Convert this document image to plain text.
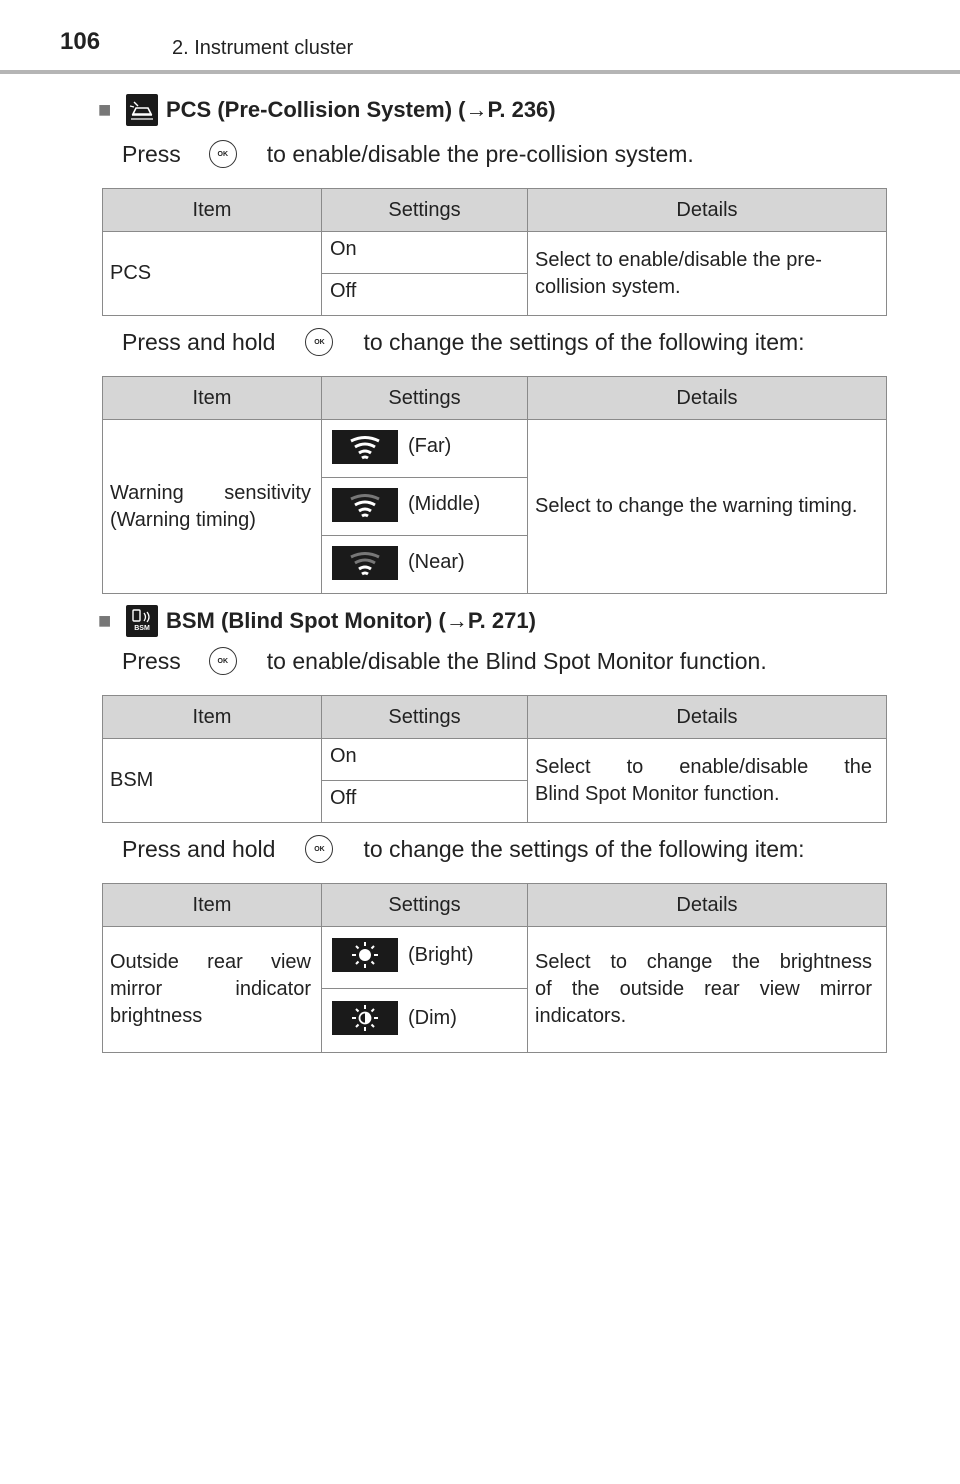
106	2. Instrument cluster
■	PCS (Pre-Collision System) ( → P. 236)
Press	OK	to enable/disable the pre-collision system.
Item	Settings	Details
PCS	On	Select to enable/disable the pre-collision system.
	Off	
Press and hold	OK	to change the settings of the following item:
Item	Settings	Details

Warning sensitivity
(Warning timing)	(Far)	Select to change the warning timing.

	(Middle)	

	(Near)	
■	BSM BSM (Blind Spot Monitor) ( → P. 271)
Press	OK	to enable/disable the Blind Spot Monitor function.
Item	Settings	Details
BSM	On	Select to enable/disable the
Blind Spot Monitor function.

	Off	
Press and hold	OK	to change the settings of the following item:
Item	Settings	Details

Outside rear view
mirror indicator
brightness	(Bright)	Select to change the brightness
of the outside rear view mirror
indicators.

	(Dim)	
